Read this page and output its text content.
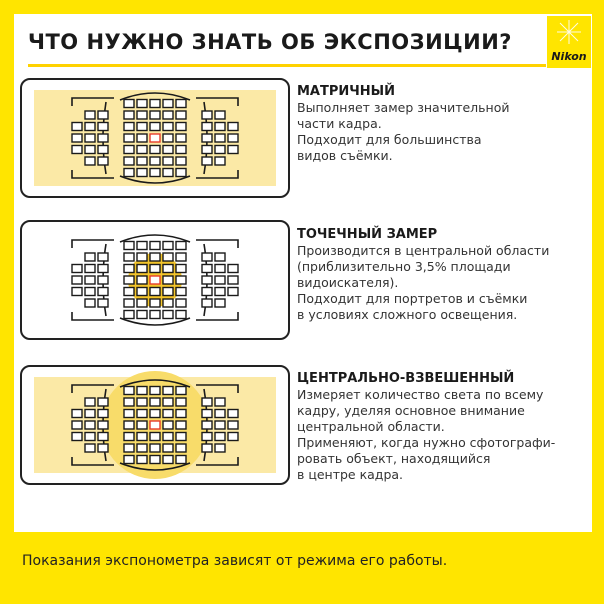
ЧТО НУЖНО ЗНАТЬ ОБ ЭКСПОЗИЦИИ?
Nikon
МАТРИЧНЫЙ

Выполняет замер значительной
части кадра.
Подходит для большинства
видов съёмки.

ТОЧЕЧНЫЙ ЗАМЕР

Производится в центральной области
(приблизительно 3,5% площади
видоискателя).
Подходит для портретов и съёмки
в условиях сложного освещения.

ЦЕНТРАЛЬНО-ВЗВЕШЕННЫЙ

Измеряет количество света по всему
кадру, уделяя основное внимание
центральной области.
Применяют, когда нужно сфотографи-
ровать объект, находящийся
в центре кадра.

Показания экспонометра зависят от режима его работы.
